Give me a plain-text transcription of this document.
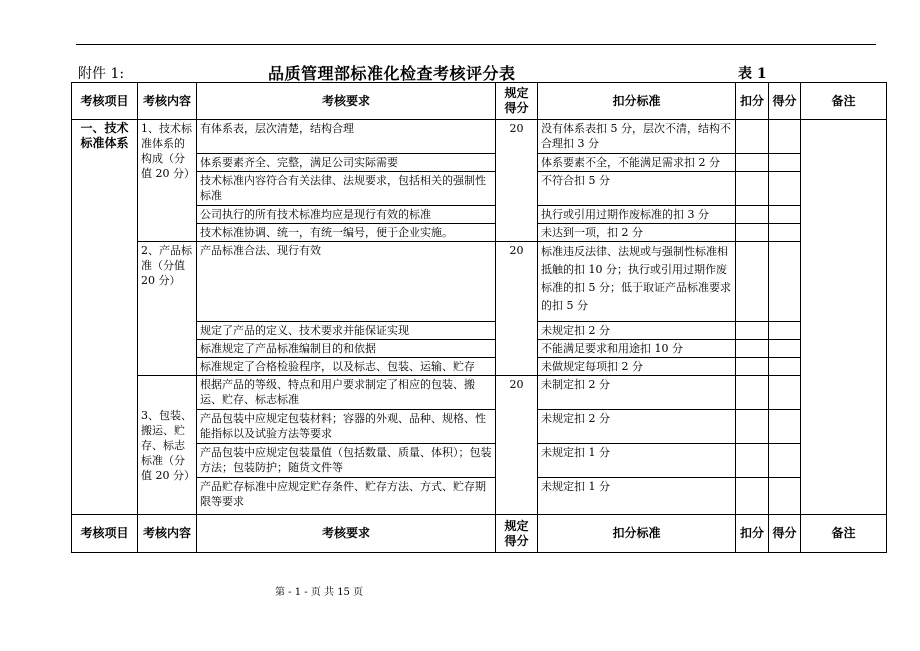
附件 1:	品质管理部标准化检查考核评分表	表 1
考核项目	考核内容	考核要求	规定得分	扣分标准	扣分	得分	备注
一、技术标准体系	1、技术标准体系的构成（分值 20 分）	有体系表，层次清楚，结构合理	20	没有体系表扣 5 分，层次不清，结构不合理扣 3 分			
		体系要素齐全、完整，满足公司实际需要		体系要素不全，不能满足需求扣 2 分			
		技术标准内容符合有关法律、法规要求，包括相关的强制性标准		不符合扣 5 分			
		公司执行的所有技术标准均应是现行有效的标准		执行或引用过期作废标准的扣 3 分			
		技术标准协调、统一，有统一编号，便于企业实施。		未达到一项，扣 2 分			
	2、产品标准（分值 20 分）	产品标准合法、现行有效	20	标准违反法律、法规或与强制性标准相抵触的扣 10 分；执行或引用过期作废标准的扣 5 分；低于取证产品标准要求的扣 5 分			
		规定了产品的定义、技术要求并能保证实现		未规定扣 2 分			
		标准规定了产品标准编制目的和依据		不能满足要求和用途扣 10 分			
		标准规定了合格检验程序，以及标志、包装、运输、贮存		未做规定每项扣 2 分			
	3、包装、搬运、贮存、标志标准（分值 20 分）	根据产品的等级、特点和用户要求制定了相应的包装、搬运、贮存、标志标准	20	未制定扣 2 分			
		产品包装中应规定包装材料；容器的外观、品种、规格、性能指标以及试验方法等要求		未规定扣 2 分			
		产品包装中应规定包装量值（包括数量、质量、体积）；包装方法；包装防护；随货文件等		未规定扣 1 分			
		产品贮存标准中应规定贮存条件、贮存方法、方式、贮存期限等要求		未规定扣 1 分			
考核项目	考核内容	考核要求	规定得分	扣分标准	扣分	得分	备注
第 - 1 - 页 共 15 页
